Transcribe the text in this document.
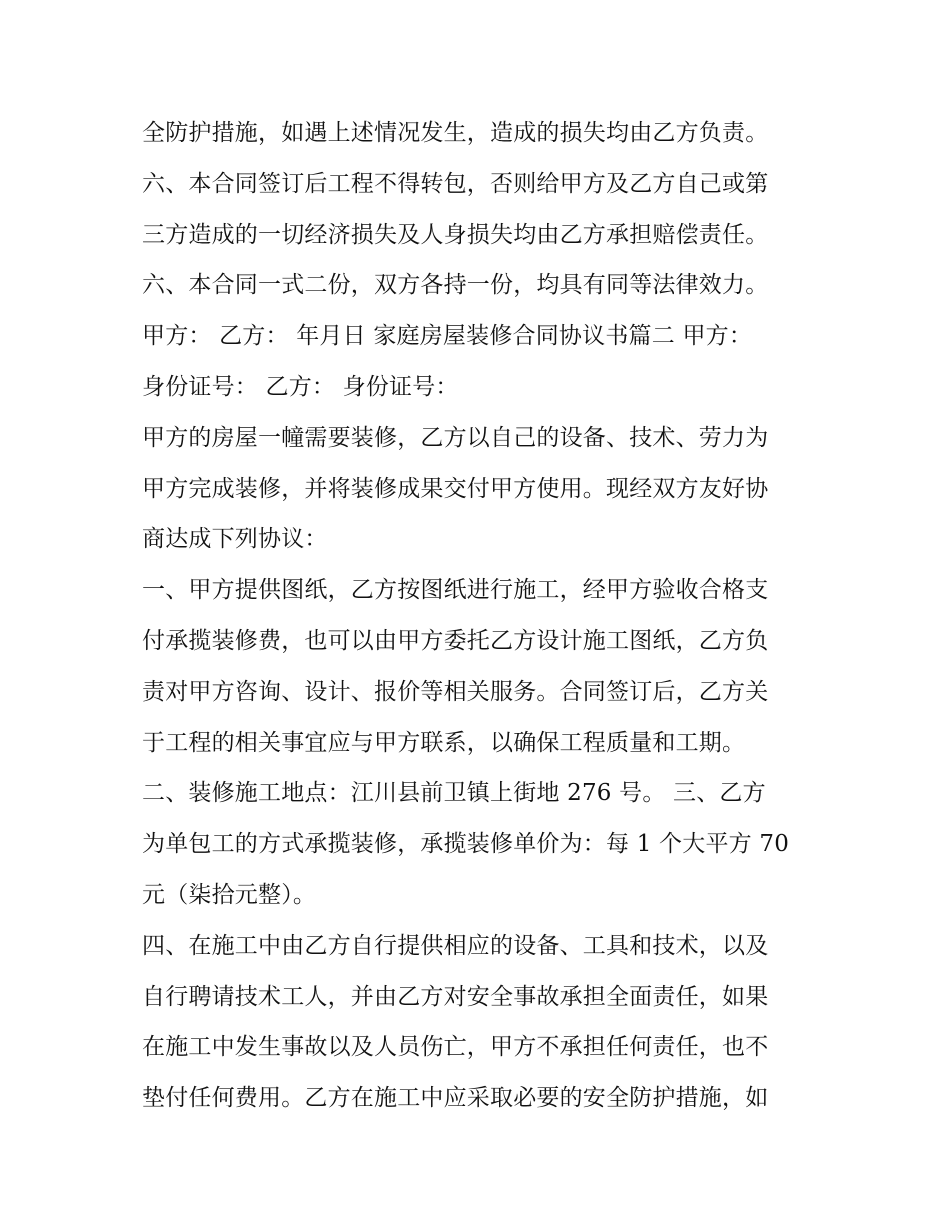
全防护措施，如遇上述情况发生，造成的损失均由乙方负责。
六、本合同签订后工程不得转包，否则给甲方及乙方自己或第
三方造成的一切经济损失及人身损失均由乙方承担赔偿责任。
六、本合同一式二份，双方各持一份，均具有同等法律效力。
甲方： 乙方： 年月日 家庭房屋装修合同协议书篇二 甲方：
身份证号： 乙方： 身份证号：
甲方的房屋一幢需要装修，乙方以自己的设备、技术、劳力为
甲方完成装修，并将装修成果交付甲方使用。现经双方友好协
商达成下列协议：
一、甲方提供图纸，乙方按图纸进行施工，经甲方验收合格支
付承揽装修费，也可以由甲方委托乙方设计施工图纸，乙方负
责对甲方咨询、设计、报价等相关服务。合同签订后，乙方关
于工程的相关事宜应与甲方联系，以确保工程质量和工期。
二、装修施工地点：江川县前卫镇上街地 276 号。 三、乙方
为单包工的方式承揽装修，承揽装修单价为：每 1 个大平方 70
元（柒拾元整）。
四、在施工中由乙方自行提供相应的设备、工具和技术，以及
自行聘请技术工人，并由乙方对安全事故承担全面责任，如果
在施工中发生事故以及人员伤亡，甲方不承担任何责任，也不
垫付任何费用。乙方在施工中应采取必要的安全防护措施，如
